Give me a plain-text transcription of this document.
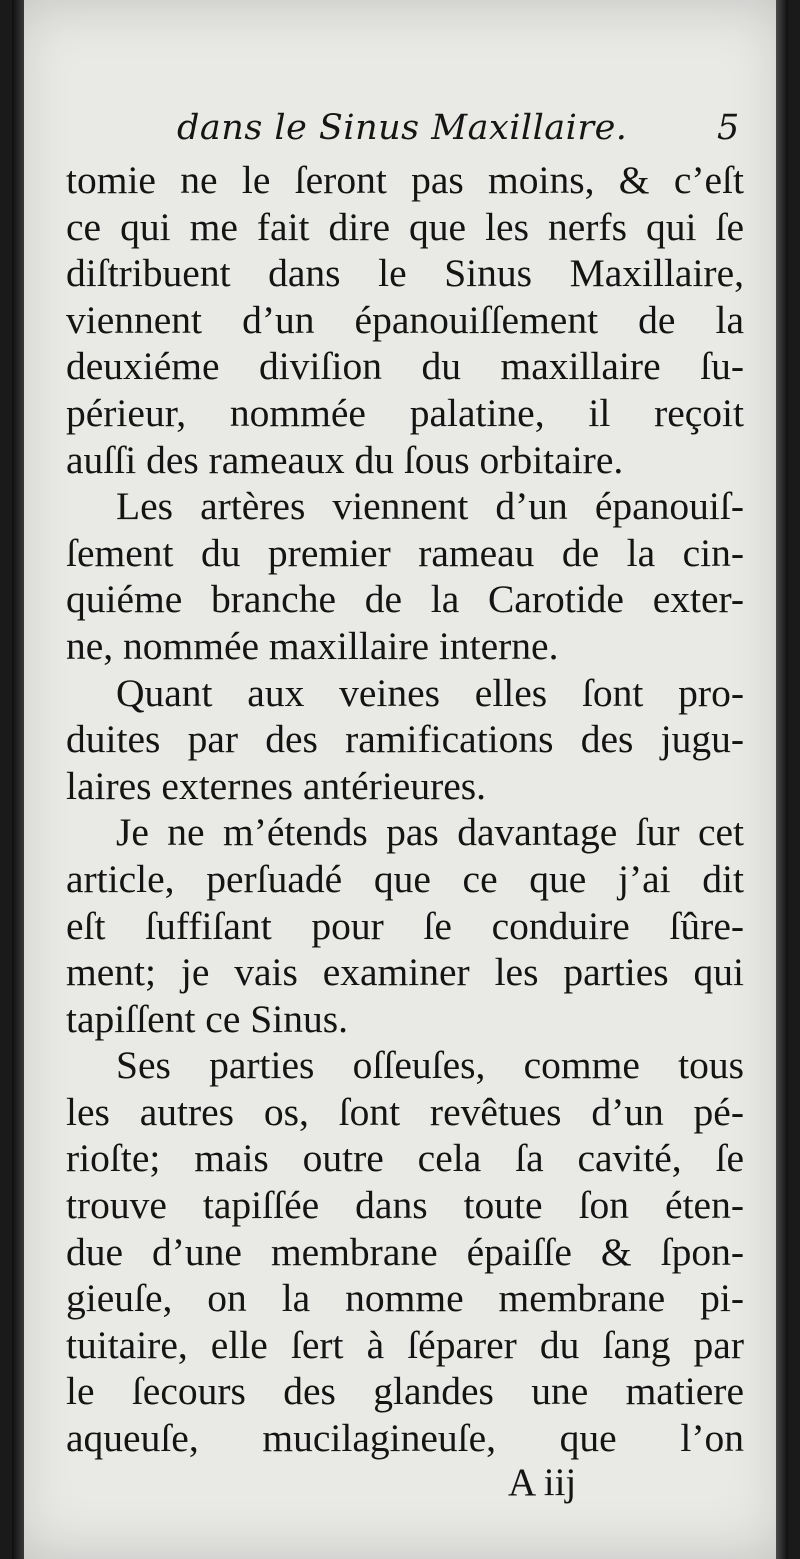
dans le Sinus Maxillaire.	5
tomie ne le ſeront pas moins, & c’eſt
ce qui me fait dire que les nerfs qui ſe
diſtribuent dans le Sinus Maxillaire,
viennent d’un épanouiſſement de la
deuxiéme diviſion du maxillaire ſu-
périeur, nommée palatine, il reçoit
auſſi des rameaux du ſous orbitaire.
Les artères viennent d’un épanouiſ-
ſement du premier rameau de la cin-
quiéme branche de la Carotide exter-
ne, nommée maxillaire interne.
Quant aux veines elles ſont pro-
duites par des ramifications des jugu-
laires externes antérieures.
Je ne m’étends pas davantage ſur cet
article, perſuadé que ce que j’ai dit
eſt ſuffiſant pour ſe conduire ſûre-
ment; je vais examiner les parties qui
tapiſſent ce Sinus.
Ses parties oſſeuſes, comme tous
les autres os, ſont revêtues d’un pé-
rioſte; mais outre cela ſa cavité, ſe
trouve tapiſſée dans toute ſon éten-
due d’une membrane épaiſſe & ſpon-
gieuſe, on la nomme membrane pi-
tuitaire, elle ſert à ſéparer du ſang par
le ſecours des glandes une matiere
aqueuſe, mucilagineuſe, que l’on
A iij
